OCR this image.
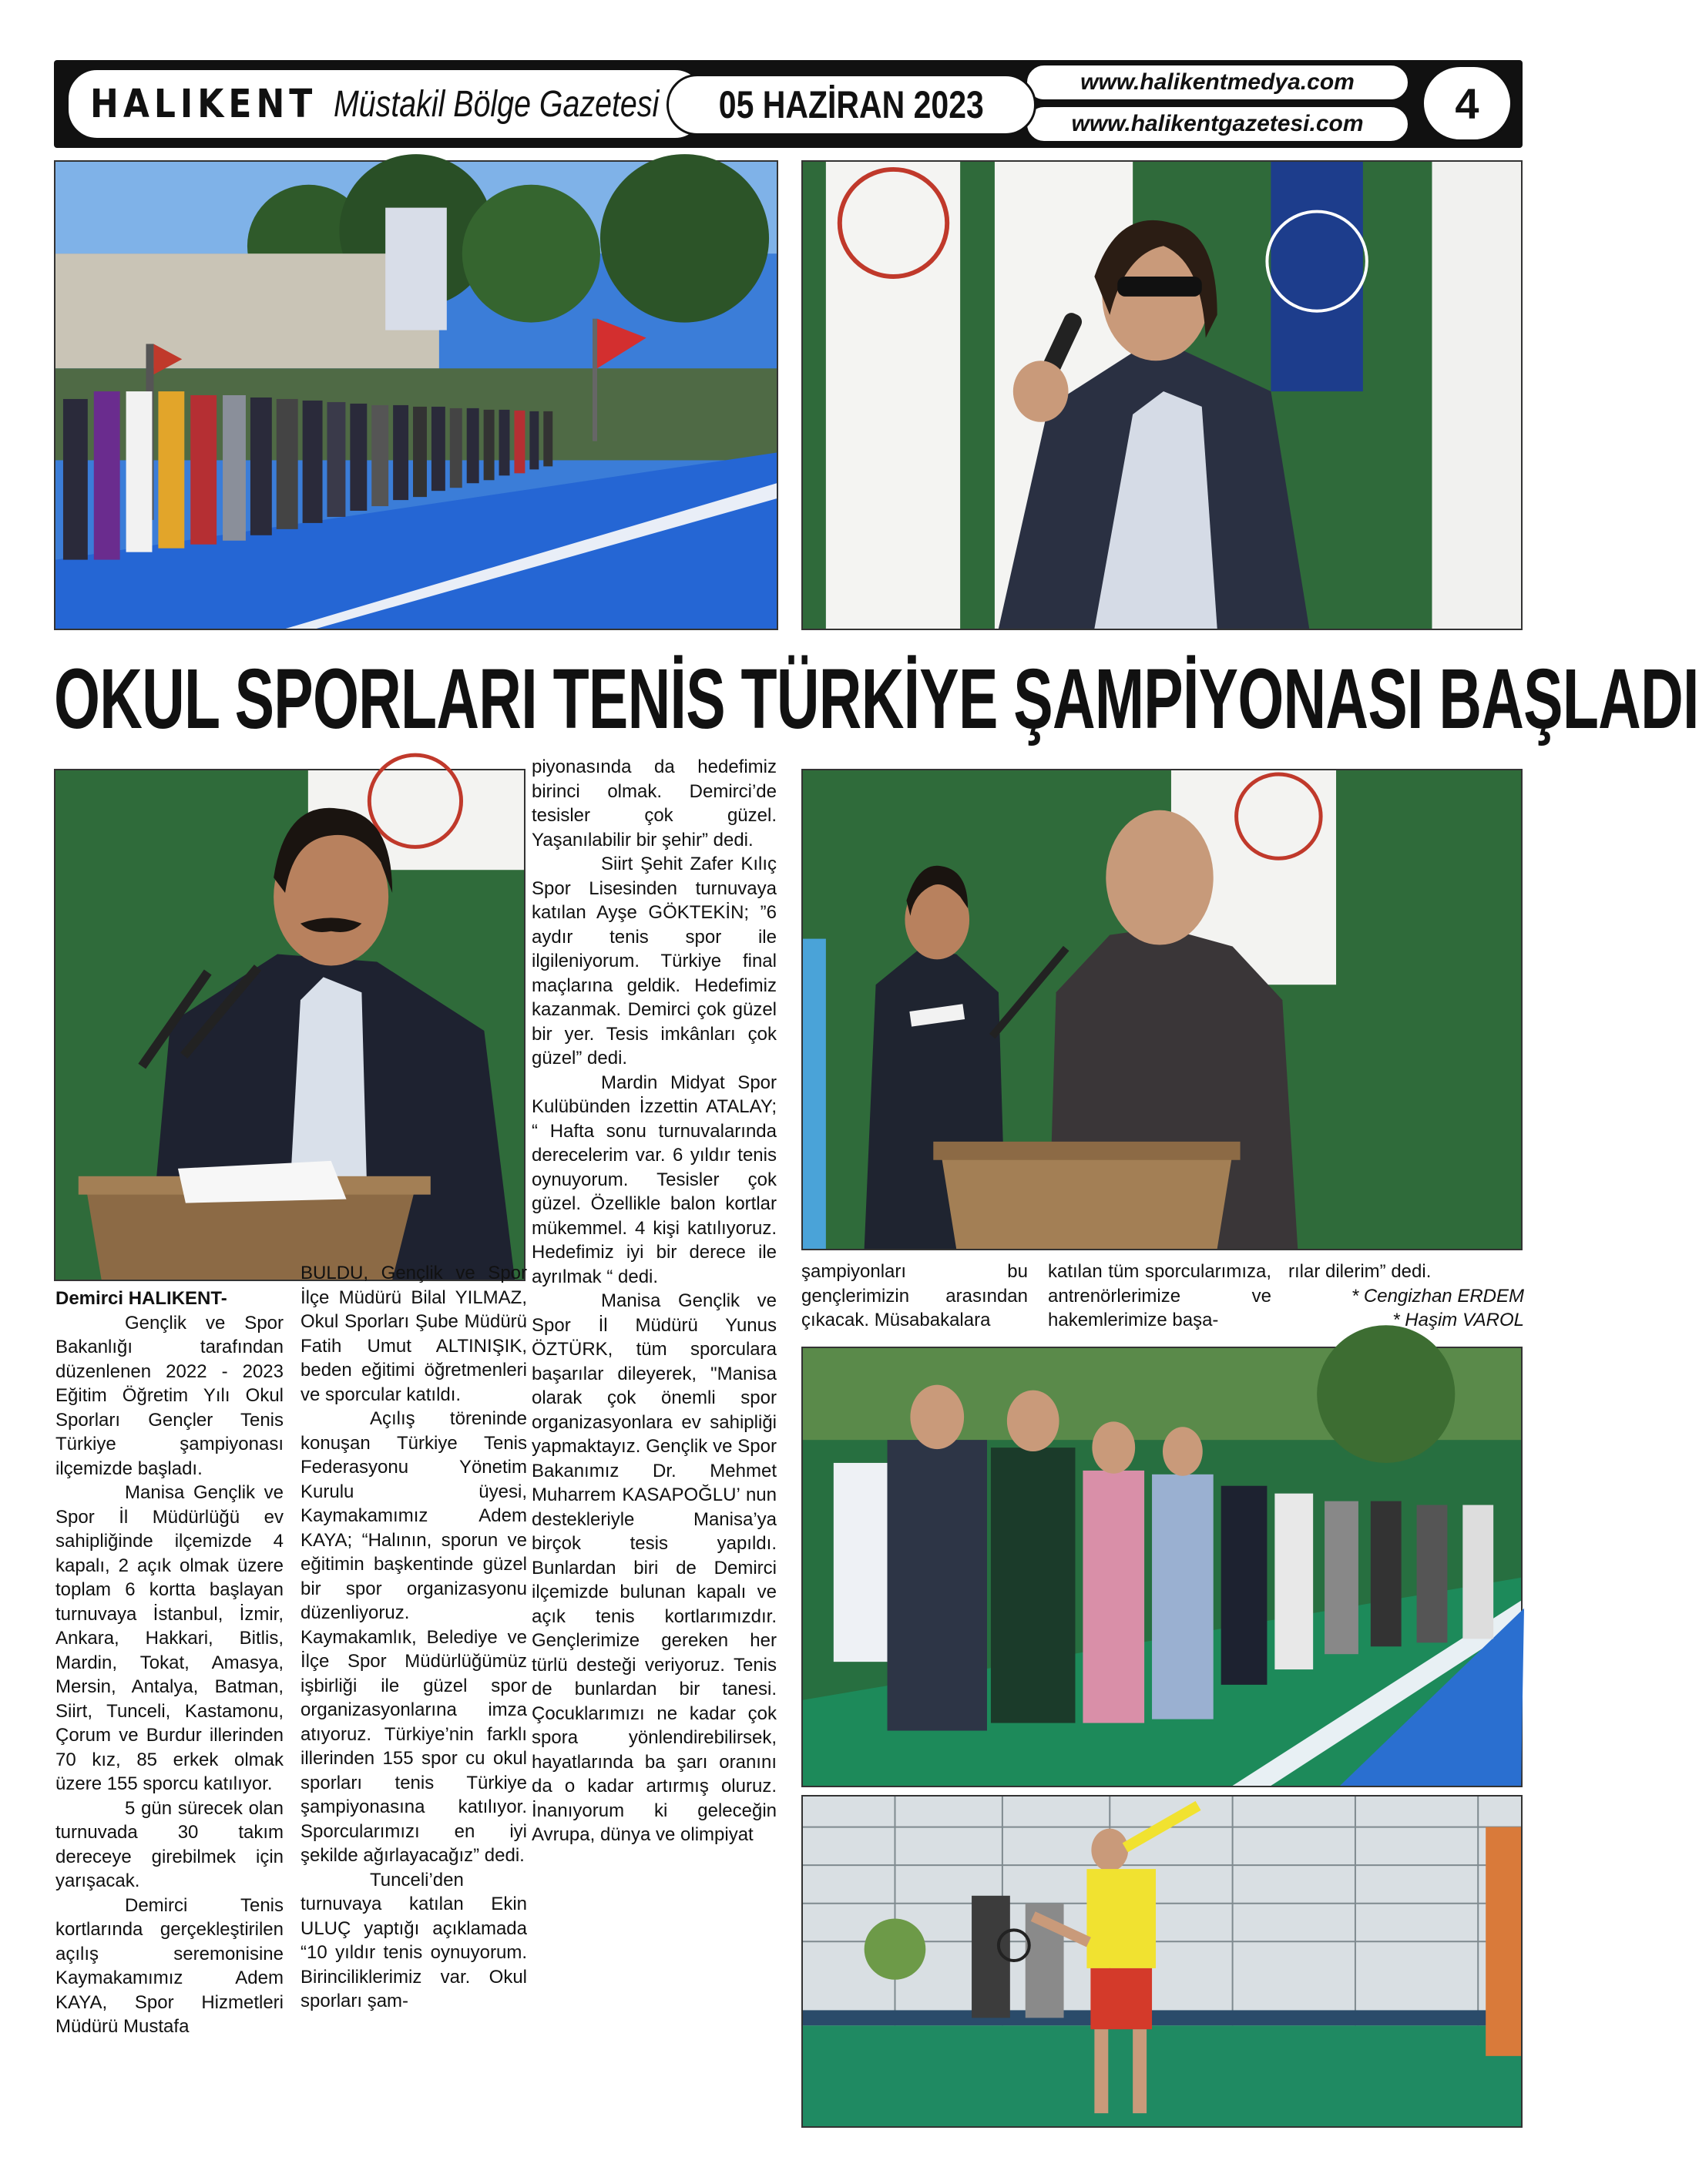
HALIKENT Müstakil Bölge Gazetesi 05 HAZİRAN 2023
www.halikentmedya.com
www.halikentgazetesi.com 4
OKUL SPORLARI TENİS TÜRKİYE ŞAMPİYONASI BAŞLADI

Demirci HALIKENT-

Gençlik ve Spor Bakanlığı tarafından düzenlenen 2022 - 2023 Eğitim Öğretim Yılı Okul Sporları Gençler Tenis Türkiye şampiyonası ilçemizde başladı.

Manisa Gençlik ve Spor İl Müdürlüğü ev sahipliğinde ilçemizde 4 kapalı, 2 açık olmak üzere toplam 6 kortta başlayan turnuvaya İstanbul, İzmir, Ankara, Hakkari, Bitlis, Mardin, Tokat, Amasya, Mersin, Antalya, Batman, Siirt, Tunceli, Kastamonu, Çorum ve Burdur illerinden 70 kız, 85 erkek olmak üzere 155 sporcu katılıyor.

5 gün sürecek olan turnuvada 30 takım dereceye girebilmek için yarışacak.

Demirci Tenis kortlarında gerçekleştirilen açılış seremonisine Kaymakamımız Adem KAYA, Spor Hizmetleri Müdürü Mustafa

BULDU, Gençlik ve Spor İlçe Müdürü Bilal YILMAZ, Okul Sporları Şube Müdürü Fatih Umut ALTINIŞIK, beden eğitimi öğretmenleri ve sporcular katıldı.

Açılış töreninde konuşan Türkiye Tenis Federasyonu Yönetim Kurulu üyesi, Kaymakamımız Adem KAYA; “Halının, sporun ve eğitimin başkentinde güzel bir spor organizasyonu düzenliyoruz. Kaymakamlık, Belediye ve İlçe Spor Müdürlüğümüz işbirliği ile güzel spor organizasyonlarına imza atıyoruz. Türkiye’nin farklı illerinden 155 spor cu okul sporları tenis Türkiye şampiyonasına katılıyor. Sporcularımızı en iyi şekilde ağırlayacağız” dedi.

Tunceli’den turnuvaya katılan Ekin ULUÇ yaptığı açıklamada “10 yıldır tenis oynuyorum. Birinciliklerimiz var. Okul sporları şam-

piyonasında da hedefimiz birinci olmak. Demirci’de tesisler çok güzel. Yaşanılabilir bir şehir” dedi.

Siirt Şehit Zafer Kılıç Spor Lisesinden turnuvaya katılan Ayşe GÖKTEKİN; ”6 aydır tenis spor ile ilgileniyorum. Türkiye final maçlarına geldik. Hedefimiz kazanmak. Demirci çok güzel bir yer. Tesis imkânları çok güzel” dedi.

Mardin Midyat Spor Kulübünden İzzettin ATALAY; “ Hafta sonu turnuvalarında derecelerim var. 6 yıldır tenis oynuyorum. Tesisler çok güzel. Özellikle balon kortlar mükemmel. 4 kişi katılıyoruz. Hedefimiz iyi bir derece ile ayrılmak “ dedi.

Manisa Gençlik ve Spor İl Müdürü Yunus ÖZTÜRK, tüm sporculara başarılar dileyerek, "Manisa olarak çok önemli spor organizasyonlara ev sahipliği yapmaktayız. Gençlik ve Spor Bakanımız Dr. Mehmet Muharrem KASAPOĞLU’ nun destekleriyle Manisa’ya birçok tesis yapıldı. Bunlardan biri de Demirci ilçemizde bulunan kapalı ve açık tenis kortlarımızdır. Gençlerimize gereken her türlü desteği veriyoruz. Tenis de bunlardan bir tanesi. Çocuklarımızı ne kadar çok spora yönlendirebilirsek, hayatlarında ba şarı oranını da o kadar artırmış oluruz. İnanıyorum ki geleceğin Avrupa, dünya ve olimpiyat

şampiyonları bu gençlerimizin arasından çıkacak. Müsabakalara

katılan tüm sporcularımıza, antrenörlerimize ve hakemlerimize başa-

rılar dilerim” dedi.

* Cengizhan ERDEM

* Haşim VAROL
